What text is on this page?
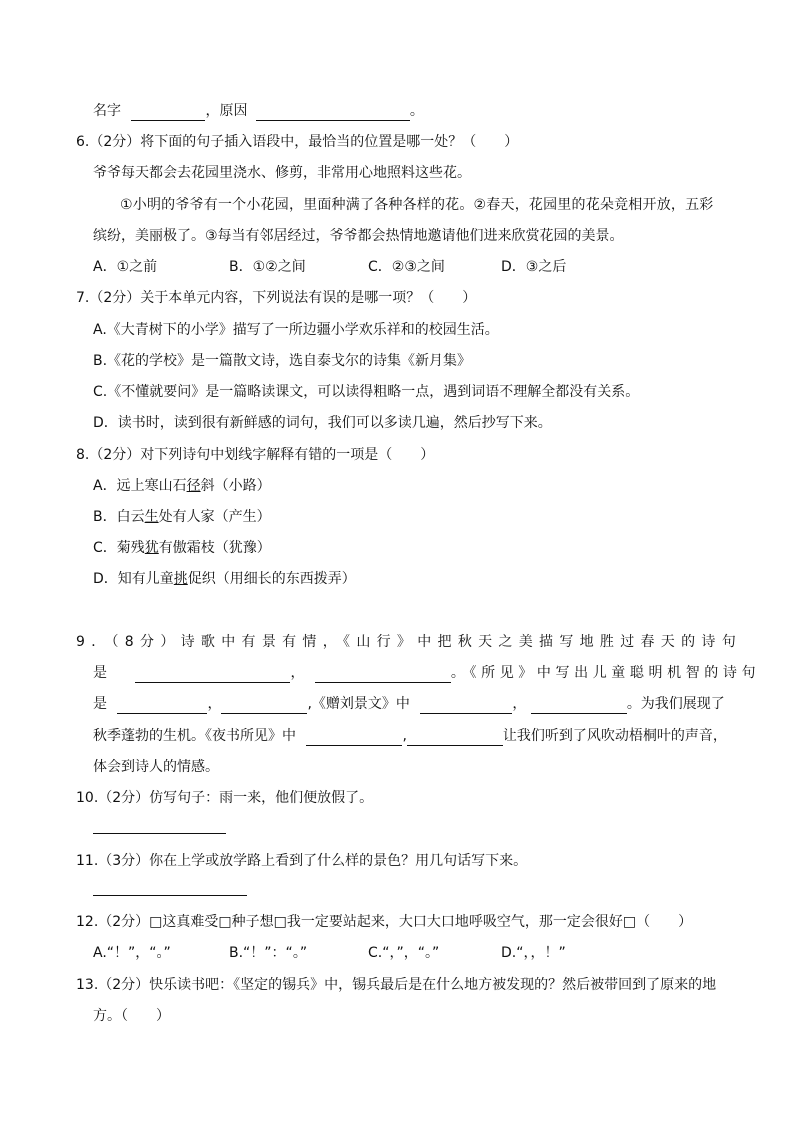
名字	，原因	。
6.（2分）将下面的句子插入语段中，最恰当的位置是哪一处？（　　）
爷爷每天都会去花园里浇水、修剪，非常用心地照料这些花。
①小明的爷爷有一个小花园，里面种满了各种各样的花。②春天，花园里的花朵竞相开放，五彩
缤纷，美丽极了。③每当有邻居经过，爷爷都会热情地邀请他们进来欣赏花园的美景。
A．①之前	B．①②之间	C．②③之间	D．③之后
7.（2分）关于本单元内容，下列说法有误的是哪一项？（　　）
A.《大青树下的小学》描写了一所边疆小学欢乐祥和的校园生活。
B.《花的学校》是一篇散文诗，选自泰戈尔的诗集《新月集》
C.《不懂就要问》是一篇略读课文，可以读得粗略一点，遇到词语不理解全都没有关系。
D．读书时，读到很有新鲜感的词句，我们可以多读几遍，然后抄写下来。
8.（2分）对下列诗句中划线字解释有错的一项是（　　）
A．远上寒山石径斜（小路）
B．白云生处有人家（产生）
C．菊残犹有傲霜枝（犹豫）
D．知有儿童挑促织（用细长的东西拨弄）
9．（8分）诗歌中有景有情，《山行》中把秋天之美描写地胜过春天的诗句
是	，	。《所见》中写出儿童聪明机智的诗句
是	，	,《赠刘景文》中	，	。为我们展现了
秋季蓬勃的生机。《夜书所见》中	,	让我们听到了风吹动梧桐叶的声音，
体会到诗人的情感。
10.（2分）仿写句子：雨一来，他们便放假了。
11.（3分）你在上学或放学路上看到了什么样的景色？用几句话写下来。
12.（2分）□这真难受□种子想□我一定要站起来，大口大口地呼吸空气，那一定会很好□（　　）
A.“！”，“。”	B.“！”：“。”	C.“，”，“。”	D.“，，！”
13.（2分）快乐读书吧：《坚定的锡兵》中，锡兵最后是在什么地方被发现的？然后被带回到了原来的地
方。（　　）
